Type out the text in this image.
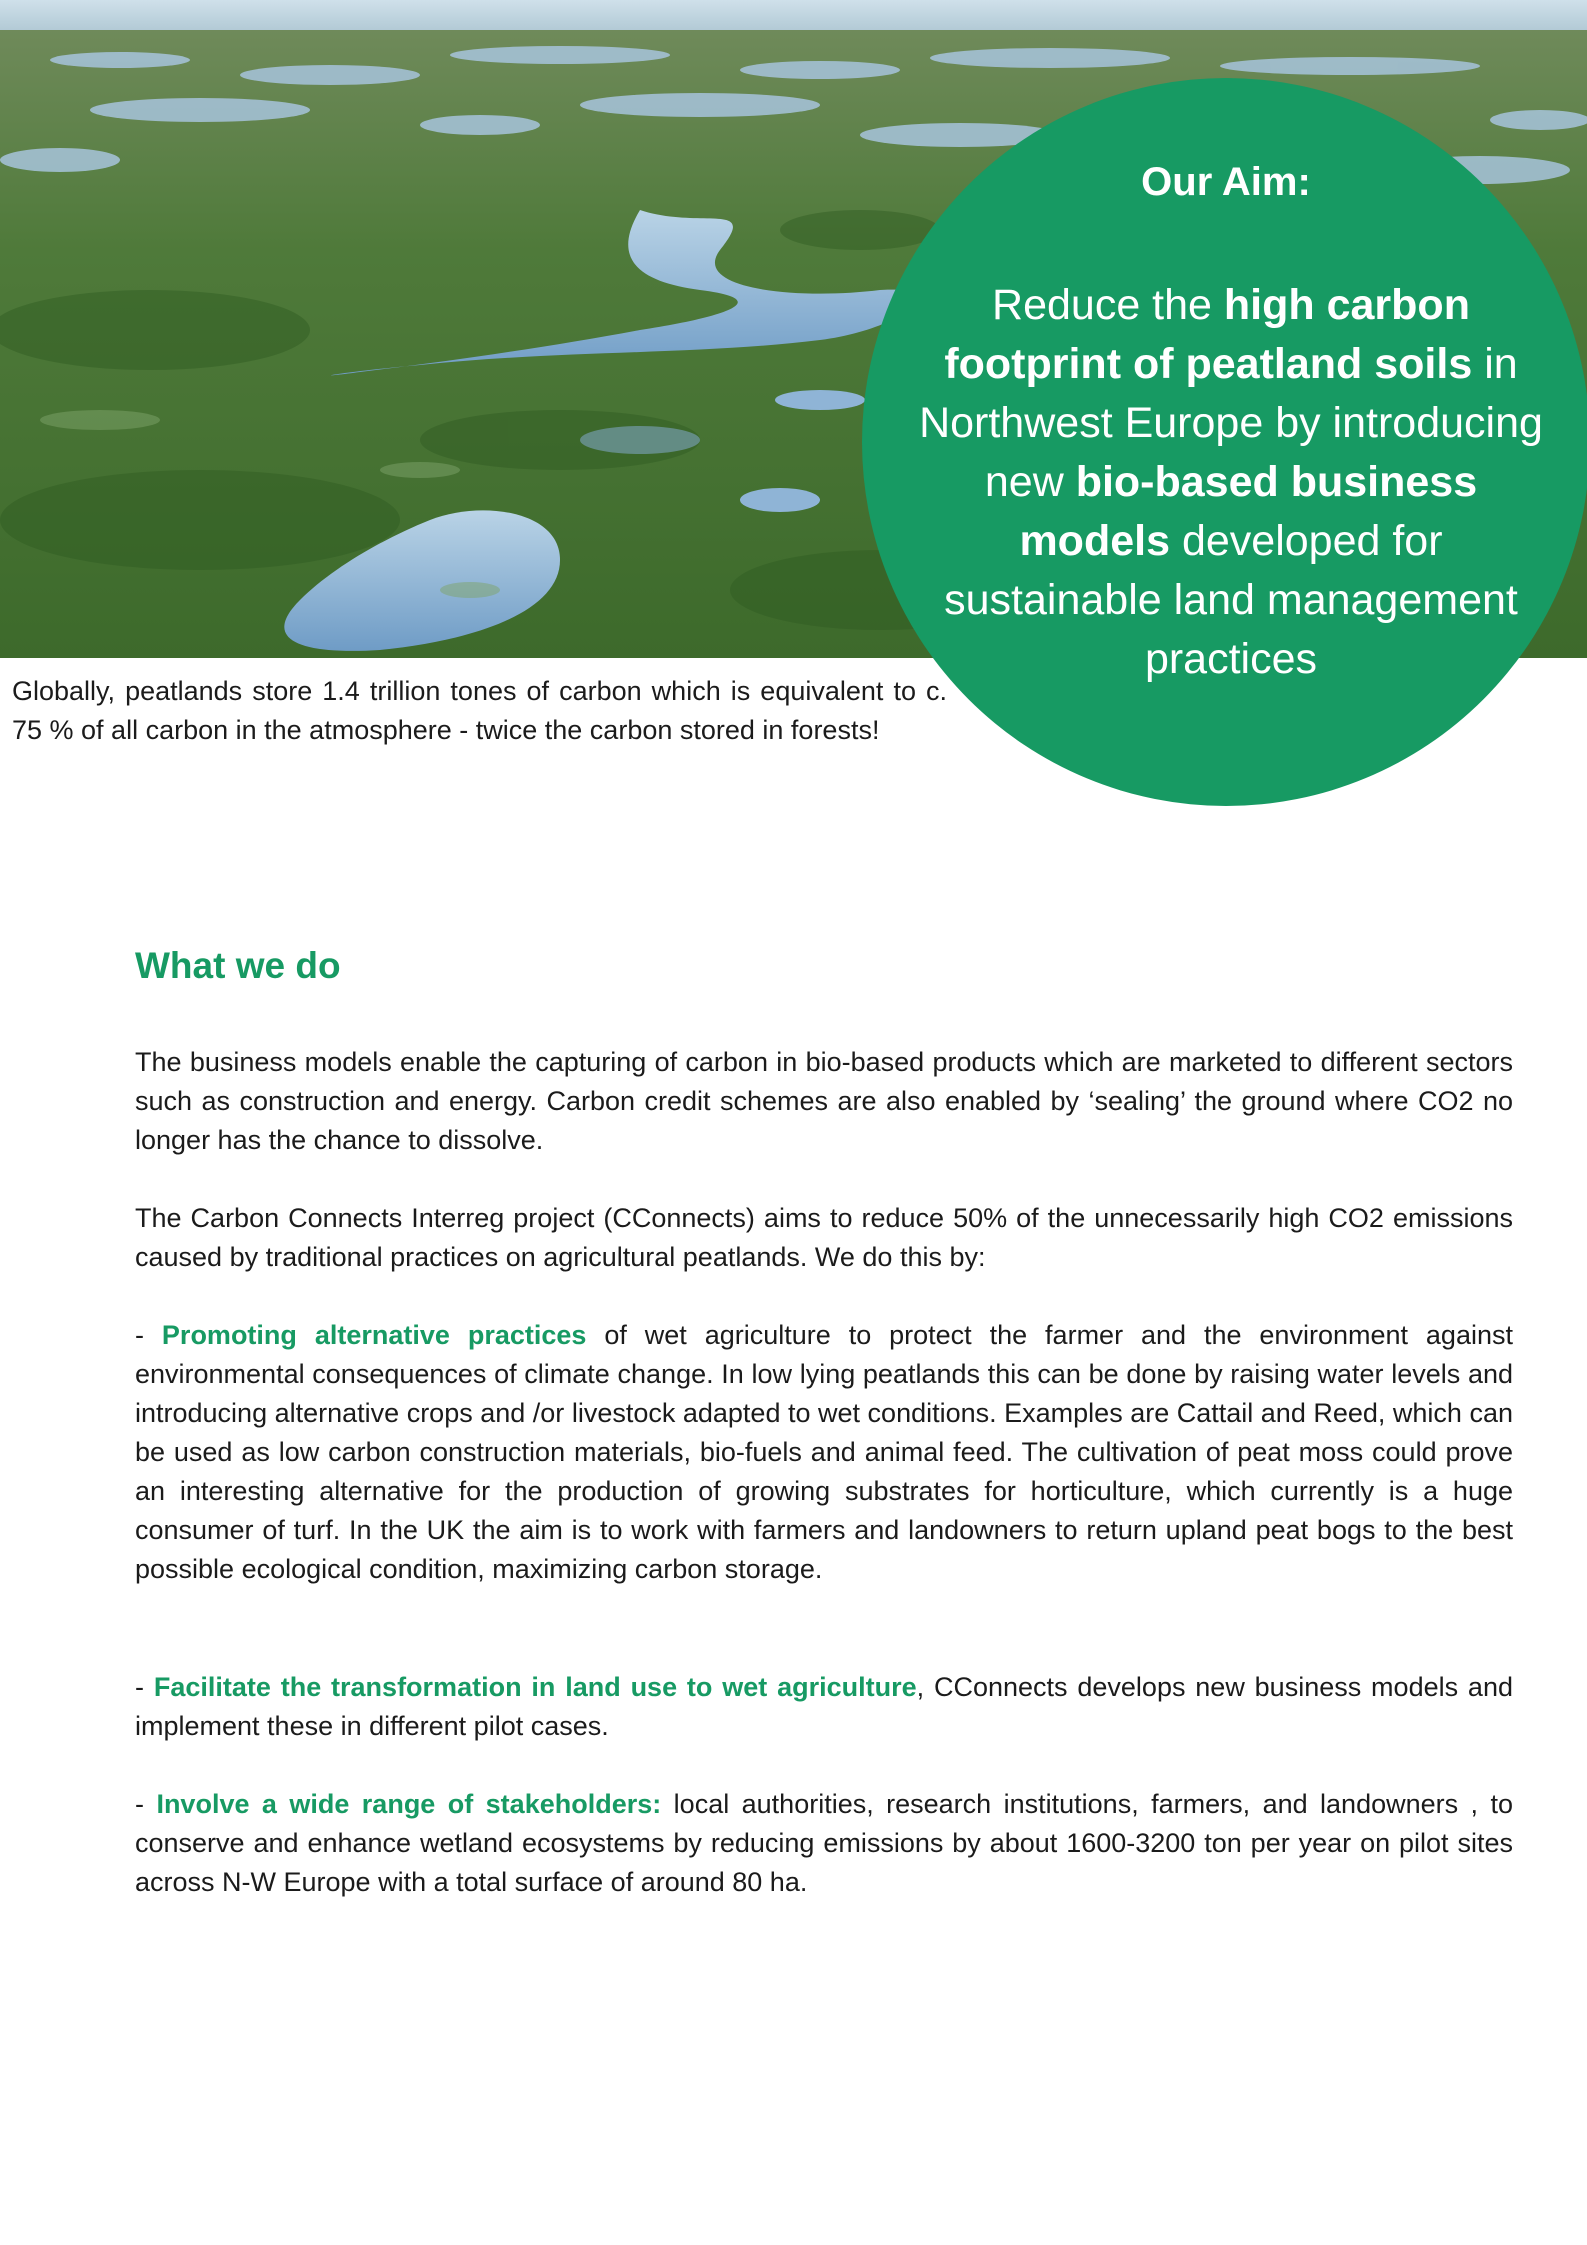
Our Aim:

Reduce the high carbon footprint of peatland soils in Northwest Europe by introducing new bio-based business models developed for sustainable land management practices

Globally, peatlands store 1.4 trillion tones of carbon which is equivalent to c. 75 % of all carbon in the atmosphere - twice the carbon stored in forests!

What we do

The business models enable the capturing of carbon in bio-based products which are marketed to different sectors such as construction and energy. Carbon credit schemes are also enabled by ‘sealing’ the ground where CO2 no longer has the chance to dissolve.

The Carbon Connects Interreg project (CConnects) aims to reduce 50% of the unnecessarily high CO2 emissions caused by traditional practices on agricultural peatlands. We do this by:

- Promoting alternative practices of wet agriculture to protect the farmer and the environment against environmental consequences of climate change. In low lying peatlands this can be done by raising water levels and introducing alternative crops and /or livestock adapted to wet conditions. Examples are Cattail and Reed, which can be used as low carbon construction materials, bio-fuels and animal feed. The cultivation of peat moss could prove an interesting alternative for the production of growing substrates for horticulture, which currently is a huge consumer of turf. In the UK the aim is to work with farmers and landowners to return upland peat bogs to the best possible ecological condition, maximizing carbon storage.

- Facilitate the transformation in land use to wet agriculture, CConnects develops new business models and implement these in different pilot cases.

- Involve a wide range of stakeholders: local authorities, research institutions, farmers, and landowners , to conserve and enhance wetland ecosystems by reducing emissions by about 1600-3200 ton per year on pilot sites across N-W Europe with a total surface of around 80 ha.
